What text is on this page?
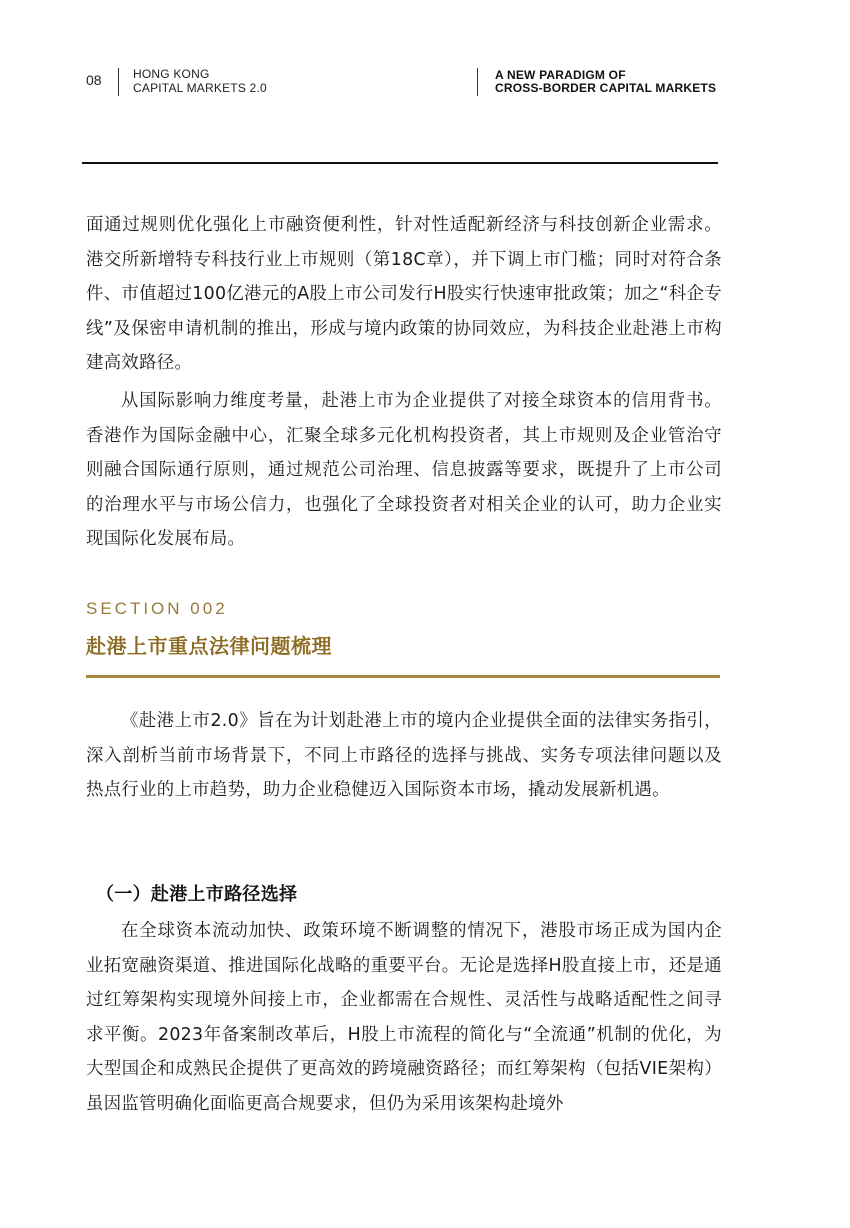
08	HONG KONG
CAPITAL MARKETS 2.0
A NEW PARADIGM OF
CROSS-BORDER CAPITAL MARKETS

面通过规则优化强化上市融资便利性，针对性适配新经济与科技创新企业需求。港交所新增特专科技行业上市规则（第18C章），并下调上市门槛；同时对符合条件、市值超过100亿港元的A股上市公司发行H股实行快速审批政策；加之“科企专线”及保密申请机制的推出，形成与境内政策的协同效应，为科技企业赴港上市构建高效路径。

从国际影响力维度考量，赴港上市为企业提供了对接全球资本的信用背书。香港作为国际金融中心，汇聚全球多元化机构投资者，其上市规则及企业管治守则融合国际通行原则，通过规范公司治理、信息披露等要求，既提升了上市公司的治理水平与市场公信力，也强化了全球投资者对相关企业的认可，助力企业实现国际化发展布局。

SECTION 002
赴港上市重点法律问题梳理

《赴港上市2.0》旨在为计划赴港上市的境内企业提供全面的法律实务指引，深入剖析当前市场背景下，不同上市路径的选择与挑战、实务专项法律问题以及热点行业的上市趋势，助力企业稳健迈入国际资本市场，撬动发展新机遇。

（一）赴港上市路径选择

在全球资本流动加快、政策环境不断调整的情况下，港股市场正成为国内企业拓宽融资渠道、推进国际化战略的重要平台。无论是选择H股直接上市，还是通过红筹架构实现境外间接上市，企业都需在合规性、灵活性与战略适配性之间寻求平衡。2023年备案制改革后，H股上市流程的简化与“全流通”机制的优化，为大型国企和成熟民企提供了更高效的跨境融资路径；而红筹架构（包括VIE架构）虽因监管明确化面临更高合规要求，但仍为采用该架构赴境外
